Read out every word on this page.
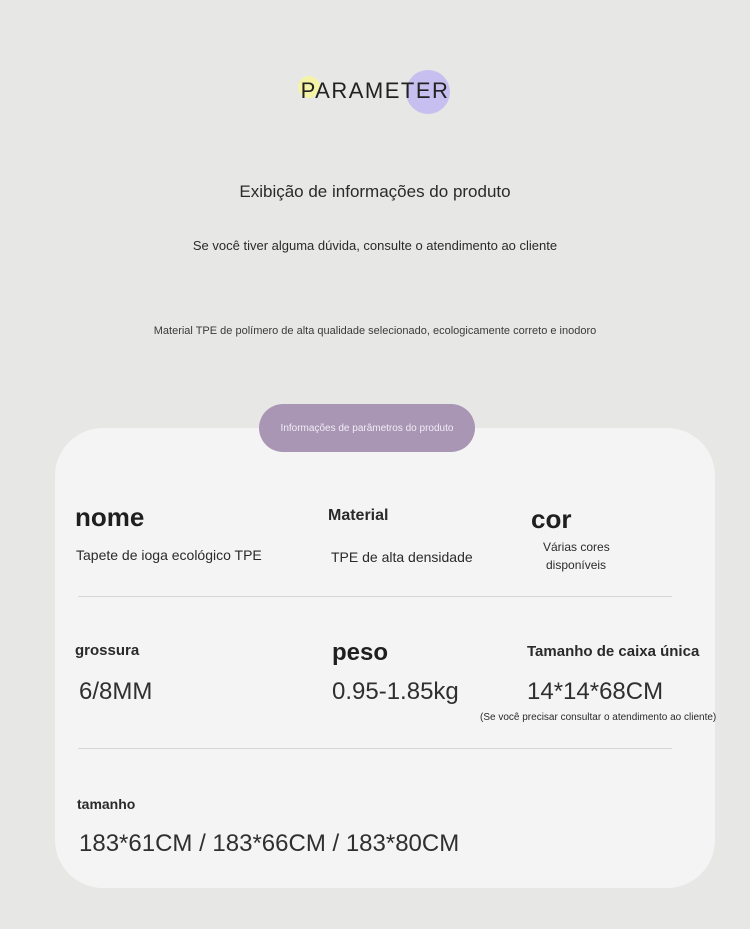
PARAMETER
Exibição de informações do produto
Se você tiver alguma dúvida, consulte o atendimento ao cliente
Material TPE de polímero de alta qualidade selecionado, ecologicamente correto e inodoro
Informações de parâmetros do produto
nome
Tapete de ioga ecológico TPE
Material
TPE de alta densidade
cor
Várias cores
disponíveis
grossura
6/8MM
peso
0.95-1.85kg
Tamanho de caixa única
14*14*68CM
(Se você precisar consultar o atendimento ao cliente)
tamanho
183*61CM / 183*66CM / 183*80CM
